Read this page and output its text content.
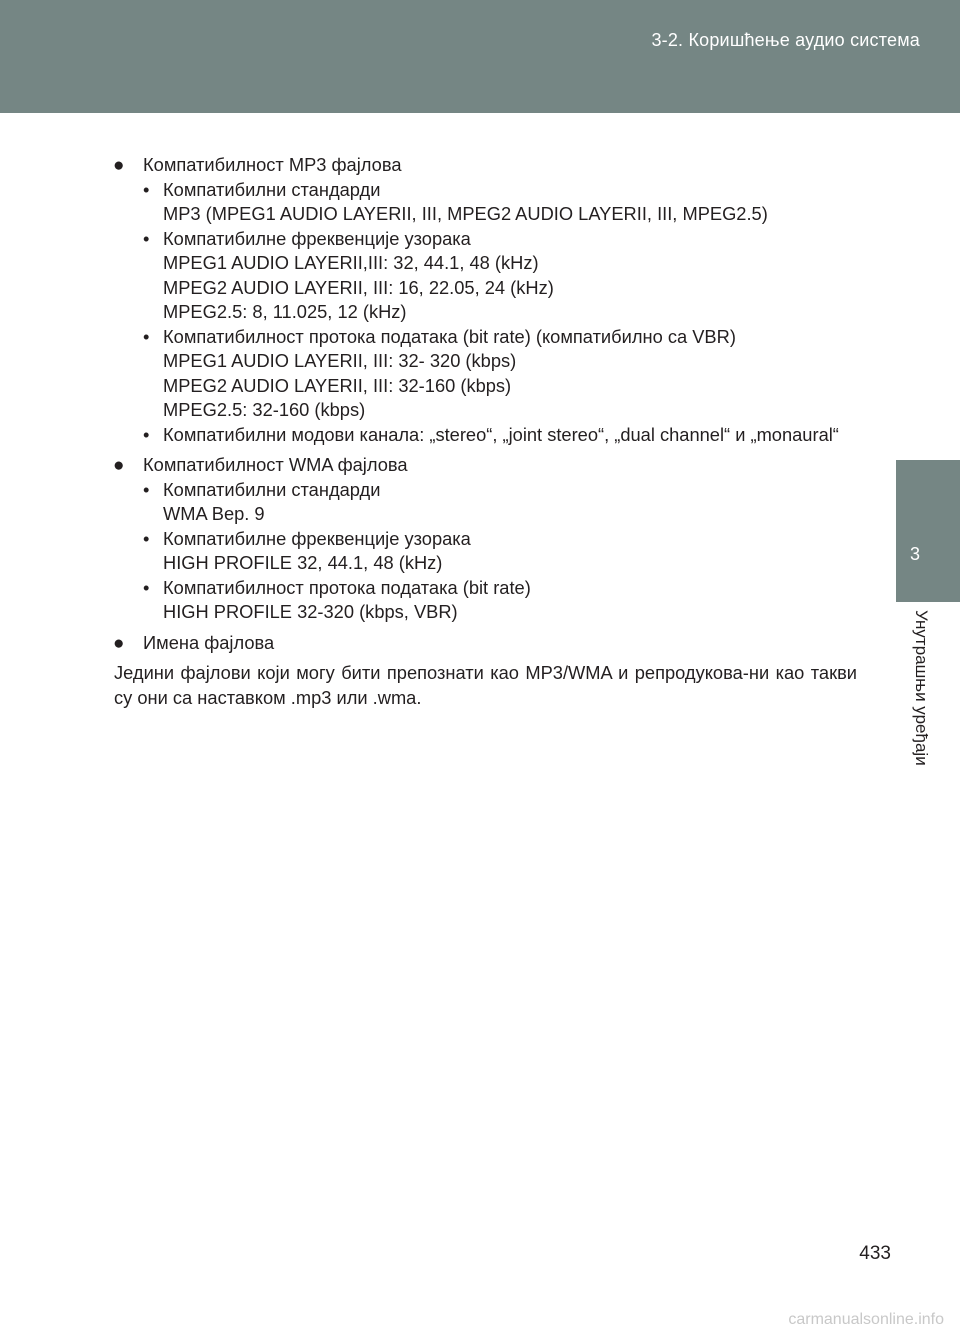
3-2. Коришћење аудио система
3
Унутрашњи уређаји
● Компатибилност MP3 фајлова
• Компатибилни стандарди
MP3 (MPEG1 AUDIO LAYERII, III, MPEG2 AUDIO LAYERII, III, MPEG2.5)
• Компатибилне фреквенције узорака
MPEG1 AUDIO LAYERII,III: 32, 44.1, 48 (kHz)
MPEG2 AUDIO LAYERII, III: 16, 22.05, 24 (kHz)
MPEG2.5: 8, 11.025, 12 (kHz)
• Компатибилност протока података (bit rate) (компатибилно са VBR)
MPEG1 AUDIO LAYERII, III: 32- 320 (kbps)
MPEG2 AUDIO LAYERII, III: 32-160 (kbps)
MPEG2.5: 32-160 (kbps)
• Компатибилни модови канала: „stereo“, „joint stereo“, „dual channel“ и „monaural“
● Компатибилност WMA фајлова
• Компатибилни стандарди
WMA Вер. 9
• Компатибилне фреквенције узорака
HIGH PROFILE 32, 44.1, 48 (kHz)
• Компатибилност протока података (bit rate)
HIGH PROFILE 32-320 (kbps, VBR)
● Имена фајлова
Једини фајлови који могу бити препознати као MP3/WMA и репродукова-ни као такви су они са наставком .mp3 или .wma.
433
carmanualsonline.info
